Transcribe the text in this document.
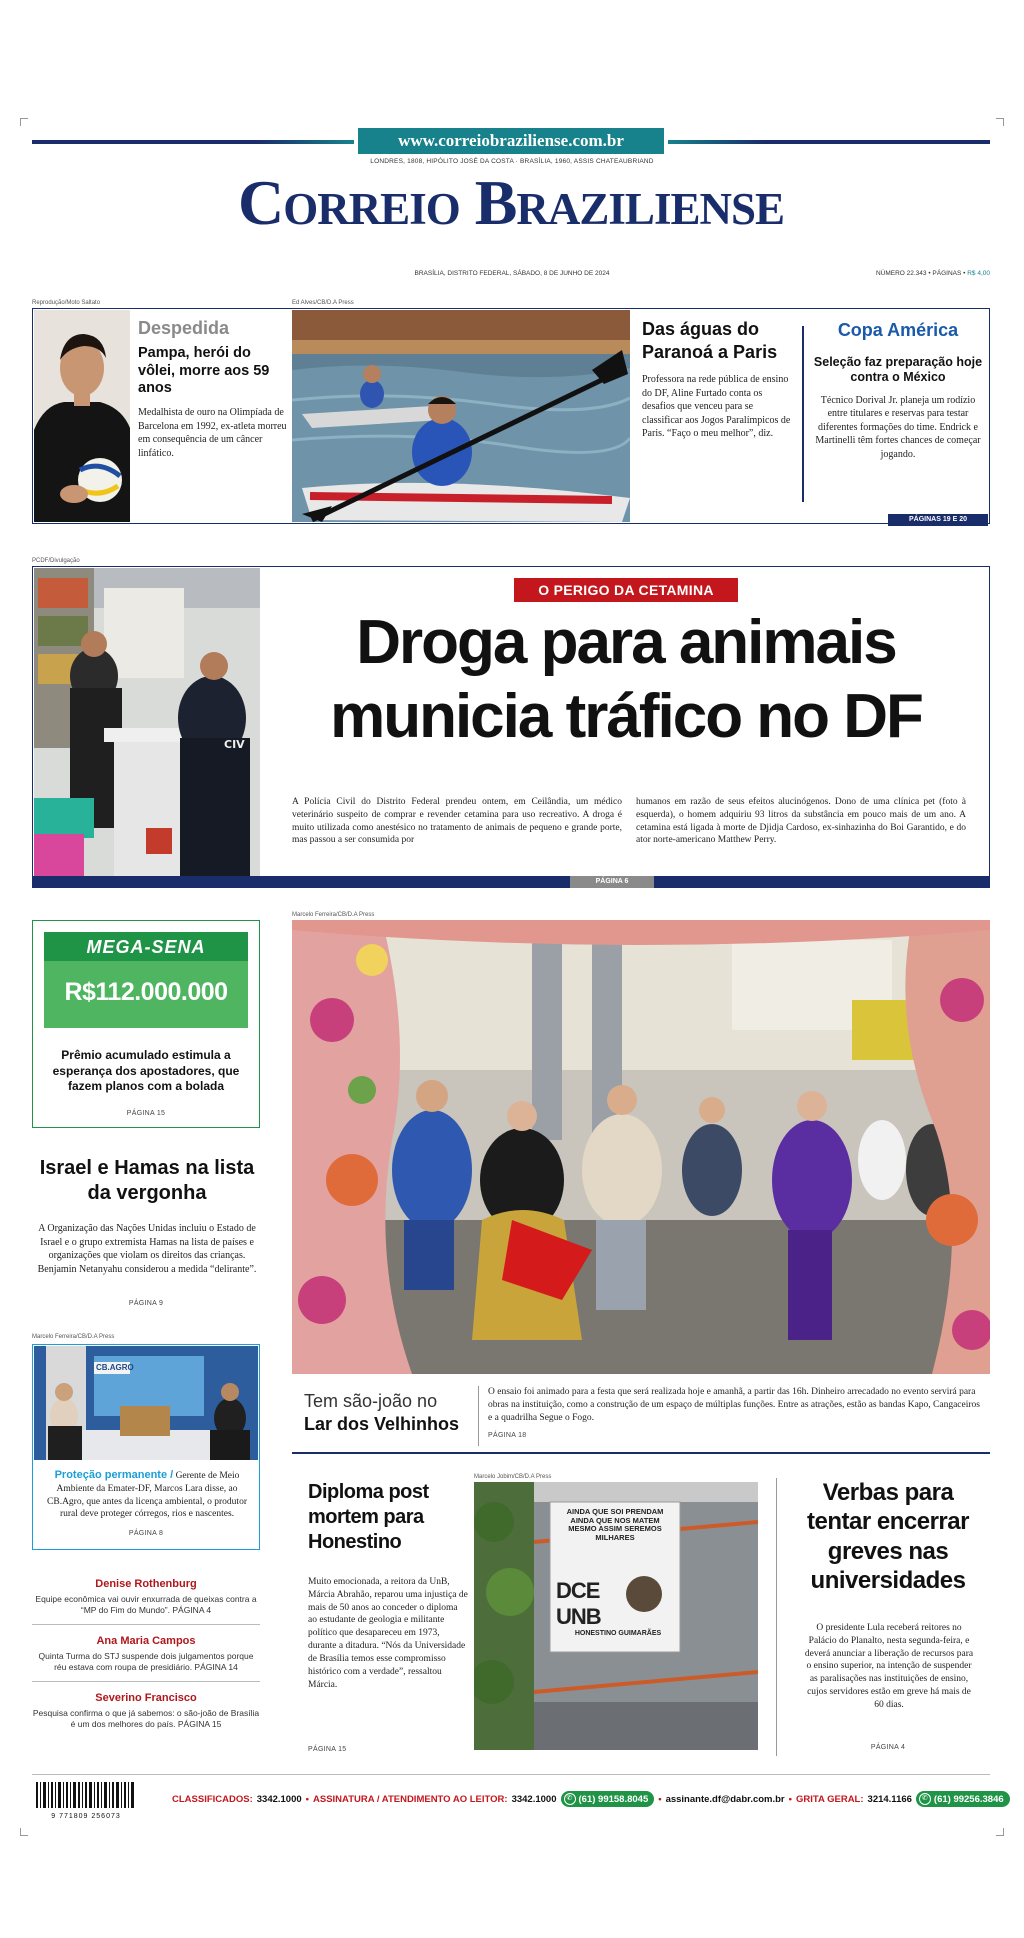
www.correiobraziliense.com.br
LONDRES, 1808, HIPÓLITO JOSÉ DA COSTA · BRASÍLIA, 1960, ASSIS CHATEAUBRIAND
Correio Braziliense
BRASÍLIA, DISTRITO FEDERAL, SÁBADO, 8 DE JUNHO DE 2024	NÚMERO 22.343 • PÁGINAS • R$ 4,00
Reprodução/Moto Saltato	Ed Alves/CB/D.A Press
Despedida
Pampa, herói do vôlei, morre aos 59 anos
Medalhista de ouro na Olimpíada de Barcelona em 1992, ex-atleta morreu em consequência de um câncer linfático.
Das águas do Paranoá a Paris
Professora na rede pública de ensino do DF, Aline Furtado conta os desafios que venceu para se classificar aos Jogos Paralímpicos de Paris. “Faço o meu melhor”, diz.
Copa América
Seleção faz preparação hoje contra o México
Técnico Dorival Jr. planeja um rodízio entre titulares e reservas para testar diferentes formações do time. Endrick e Martinelli têm fortes chances de começar jogando.
PÁGINAS 19 E 20
PCDF/Divulgação
CIV
O PERIGO DA CETAMINA
Droga para animais
municia tráfico no DF
A Polícia Civil do Distrito Federal prendeu ontem, em Ceilândia, um médico veterinário suspeito de comprar e revender cetamina para uso recreativo. A droga é muito utilizada como anestésico no tratamento de animais de pequeno e grande porte, mas passou a ser consumida por
humanos em razão de seus efeitos alucinógenos. Dono de uma clínica pet (foto à esquerda), o homem adquiriu 93 litros da substância em pouco mais de um ano. A cetamina está ligada à morte de Djidja Cardoso, ex-sinhazinha do Boi Garantido, e do ator norte-americano Matthew Perry.
PÁGINA 6
MEGA-SENA
R$112.000.000
Prêmio acumulado estimula a esperança dos apostadores, que fazem planos com a bolada
PÁGINA 15
Israel e Hamas na lista da vergonha
A Organização das Nações Unidas incluiu o Estado de Israel e o grupo extremista Hamas na lista de países e organizações que violam os direitos das crianças. Benjamin Netanyahu considerou a medida “delirante”.
PÁGINA 9
Marcelo Ferreira/CB/D.A Press
CB.AGRO
Proteção permanente / Gerente de Meio Ambiente da Emater-DF, Marcos Lara disse, ao CB.Agro, que antes da licença ambiental, o produtor rural deve proteger córregos, rios e nascentes.
PÁGINA 8
Denise Rothenburg
Equipe econômica vai ouvir enxurrada de queixas contra a “MP do Fim do Mundo”. PÁGINA 4
Ana Maria Campos
Quinta Turma do STJ suspende dois julgamentos porque réu estava com roupa de presidiário. PÁGINA 14
Severino Francisco
Pesquisa confirma o que já sabemos: o são-joão de Brasília é um dos melhores do país. PÁGINA 15
Marcelo Ferreira/CB/D.A Press
Tem são-joão no
Lar dos Velhinhos
O ensaio foi animado para a festa que será realizada hoje e amanhã, a partir das 16h. Dinheiro arrecadado no evento servirá para obras na instituição, como a construção de um espaço de múltiplas funções. Entre as atrações, estão as bandas Kapo, Cangaceiros e a quadrilha Segue o Fogo.
PÁGINA 18
Diploma post mortem para Honestino
Muito emocionada, a reitora da UnB, Márcia Abrahão, reparou uma injustiça de mais de 50 anos ao conceder o diploma ao estudante de geologia e militante político que desapareceu em 1973, durante a ditadura. “Nós da Universidade de Brasília temos esse compromisso histórico com a verdade”, ressaltou Márcia.
PÁGINA 15
Marcelo Jobim/CB/D.A Press
AINDA QUE SOI PRENDAM AINDA QUE NOS MATEM MESMO ASSIM SEREMOS MILHARES
DCE UNB
HONESTINO GUIMARÃES
Verbas para tentar encerrar greves nas universidades
O presidente Lula receberá reitores no Palácio do Planalto, nesta segunda-feira, e deverá anunciar a liberação de recursos para o ensino superior, na intenção de suspender as paralisações nas instituições de ensino, cujos servidores estão em greve há mais de 60 dias.
PÁGINA 4
9 771809 256073
CLASSIFICADOS: 3342.1000 • ASSINATURA / ATENDIMENTO AO LEITOR: 3342.1000	✆ (61) 99158.8045 • assinante.df@dabr.com.br • GRITA GERAL: 3214.1166	✆ (61) 99256.3846
